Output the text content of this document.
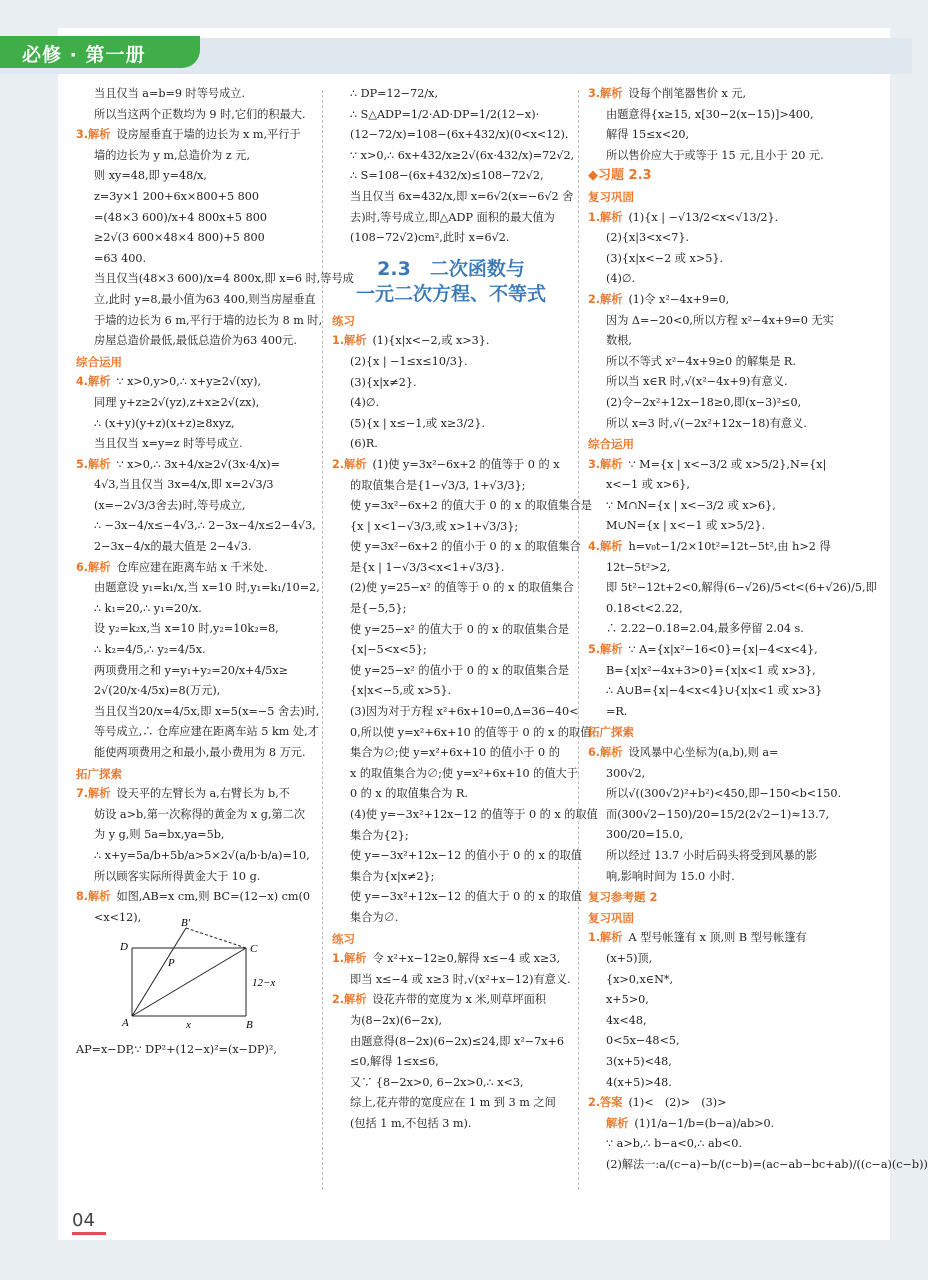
必修 · 第一册
当且仅当 a=b=9 时等号成立.
所以当这两个正数均为 9 时,它们的积最大.
3.解析 设房屋垂直于墙的边长为 x m,平行于
墙的边长为 y m,总造价为 z 元,
则 xy=48,即 y=48/x,
z=3y×1 200+6x×800+5 800
=(48×3 600)/x+4 800x+5 800
≥2√(3 600×48×4 800)+5 800
=63 400.
当且仅当(48×3 600)/x=4 800x,即 x=6 时,等号成
立,此时 y=8,最小值为63 400,则当房屋垂直
于墙的边长为 6 m,平行于墙的边长为 8 m 时,
房屋总造价最低,最低总造价为63 400元.
综合运用
4.解析 ∵ x>0,y>0,∴ x+y≥2√(xy),
同理 y+z≥2√(yz),z+x≥2√(zx),
∴ (x+y)(y+z)(x+z)≥8xyz,
当且仅当 x=y=z 时等号成立.
5.解析 ∵ x>0,∴ 3x+4/x≥2√(3x·4/x)=
4√3,当且仅当 3x=4/x,即 x=2√3/3
(x=−2√3/3舍去)时,等号成立,
∴ −3x−4/x≤−4√3,∴ 2−3x−4/x≤2−4√3,
2−3x−4/x的最大值是 2−4√3.
6.解析 仓库应建在距离车站 x 千米处.
由题意设 y₁=k₁/x,当 x=10 时,y₁=k₁/10=2,
∴ k₁=20,∴ y₁=20/x.
设 y₂=k₂x,当 x=10 时,y₂=10k₂=8,
∴ k₂=4/5,∴ y₂=4/5x.
两项费用之和 y=y₁+y₂=20/x+4/5x≥
2√(20/x·4/5x)=8(万元),
当且仅当20/x=4/5x,即 x=5(x=−5 舍去)时,
等号成立,∴ 仓库应建在距离车站 5 km 处,才
能使两项费用之和最小,最小费用为 8 万元.
拓广探索
7.解析 设天平的左臂长为 a,右臂长为 b,不
妨设 a>b,第一次称得的黄金为 x g,第二次
为 y g,则 5a=bx,ya=5b,
∴ x+y=5a/b+5b/a>5×2√(a/b·b/a)=10,
所以顾客实际所得黄金大于 10 g.
8.解析 如图,AB=x cm,则 BC=(12−x) cm(0
<x<12),	B′
D	C
P
A	B
x
12−x
AP=x−DP,∵ DP²+(12−x)²=(x−DP)²,
∴ DP=12−72/x,
∴ S△ADP=1/2·AD·DP=1/2(12−x)·
(12−72/x)=108−(6x+432/x)(0<x<12).
∵ x>0,∴ 6x+432/x≥2√(6x·432/x)=72√2,
∴ S=108−(6x+432/x)≤108−72√2,
当且仅当 6x=432/x,即 x=6√2(x=−6√2 舍
去)时,等号成立,即△ADP 面积的最大值为
(108−72√2)cm²,此时 x=6√2.
2.3　二次函数与
一元二次方程、不等式
练习
1.解析 (1){x|x<−2,或 x>3}.
(2){x | −1≤x≤10/3}.
(3){x|x≠2}.
(4)∅.
(5){x | x≤−1,或 x≥3/2}.
(6)R.
2.解析 (1)使 y=3x²−6x+2 的值等于 0 的 x
的取值集合是{1−√3/3, 1+√3/3};
使 y=3x²−6x+2 的值大于 0 的 x 的取值集合是
{x | x<1−√3/3,或 x>1+√3/3};
使 y=3x²−6x+2 的值小于 0 的 x 的取值集合
是{x | 1−√3/3<x<1+√3/3}.
(2)使 y=25−x² 的值等于 0 的 x 的取值集合
是{−5,5};
使 y=25−x² 的值大于 0 的 x 的取值集合是
{x|−5<x<5};
使 y=25−x² 的值小于 0 的 x 的取值集合是
{x|x<−5,或 x>5}.
(3)因为对于方程 x²+6x+10=0,Δ=36−40<
0,所以使 y=x²+6x+10 的值等于 0 的 x 的取值
集合为∅;使 y=x²+6x+10 的值小于 0 的
x 的取值集合为∅;使 y=x²+6x+10 的值大于
0 的 x 的取值集合为 R.
(4)使 y=−3x²+12x−12 的值等于 0 的 x 的取值
集合为{2};
使 y=−3x²+12x−12 的值小于 0 的 x 的取值
集合为{x|x≠2};
使 y=−3x²+12x−12 的值大于 0 的 x 的取值
集合为∅.
练习
1.解析 令 x²+x−12≥0,解得 x≤−4 或 x≥3,
即当 x≤−4 或 x≥3 时,√(x²+x−12)有意义.
2.解析 设花卉带的宽度为 x 米,则草坪面积
为(8−2x)(6−2x),
由题意得(8−2x)(6−2x)≤24,即 x²−7x+6
≤0,解得 1≤x≤6,
又∵ {8−2x>0, 6−2x>0,∴ x<3,
综上,花卉带的宽度应在 1 m 到 3 m 之间
(包括 1 m,不包括 3 m).
3.解析 设每个削笔器售价 x 元,
由题意得{x≥15, x[30−2(x−15)]>400,
解得 15≤x<20,
所以售价应大于或等于 15 元,且小于 20 元.
◆习题 2.3
复习巩固
1.解析 (1){x | −√13/2<x<√13/2}.
(2){x|3<x<7}.
(3){x|x<−2 或 x>5}.
(4)∅.
2.解析 (1)令 x²−4x+9=0,
因为 Δ=−20<0,所以方程 x²−4x+9=0 无实
数根,
所以不等式 x²−4x+9≥0 的解集是 R.
所以当 x∈R 时,√(x²−4x+9)有意义.
(2)令−2x²+12x−18≥0,即(x−3)²≤0,
所以 x=3 时,√(−2x²+12x−18)有意义.
综合运用
3.解析 ∵ M={x | x<−3/2 或 x>5/2},N={x|
x<−1 或 x>6},
∵ M∩N={x | x<−3/2 或 x>6},
M∪N={x | x<−1 或 x>5/2}.
4.解析 h=v₀t−1/2×10t²=12t−5t²,由 h>2 得
12t−5t²>2,
即 5t²−12t+2<0,解得(6−√26)/5<t<(6+√26)/5,即
0.18<t<2.22,
∴ 2.22−0.18=2.04,最多停留 2.04 s.
5.解析 ∵ A={x|x²−16<0}={x|−4<x<4},
B={x|x²−4x+3>0}={x|x<1 或 x>3},
∴ A∪B={x|−4<x<4}∪{x|x<1 或 x>3}
=R.
拓广探索
6.解析 设风暴中心坐标为(a,b),则 a=
300√2,
所以√((300√2)²+b²)<450,即−150<b<150.
而(300√2−150)/20=15/2(2√2−1)≈13.7,
300/20=15.0,
所以经过 13.7 小时后码头将受到风暴的影
响,影响时间为 15.0 小时.
复习参考题 2
复习巩固
1.解析 A 型号帐篷有 x 顶,则 B 型号帐篷有
(x+5)顶,
{x>0,x∈N*,
x+5>0,
4x<48,
0<5x−48<5,
3(x+5)<48,
4(x+5)>48.
2.答案 (1)<　(2)>　(3)>
解析 (1)1/a−1/b=(b−a)/ab>0.
∵ a>b,∴ b−a<0,∴ ab<0.
(2)解法一:a/(c−a)−b/(c−b)=(ac−ab−bc+ab)/((c−a)(c−b))
04
